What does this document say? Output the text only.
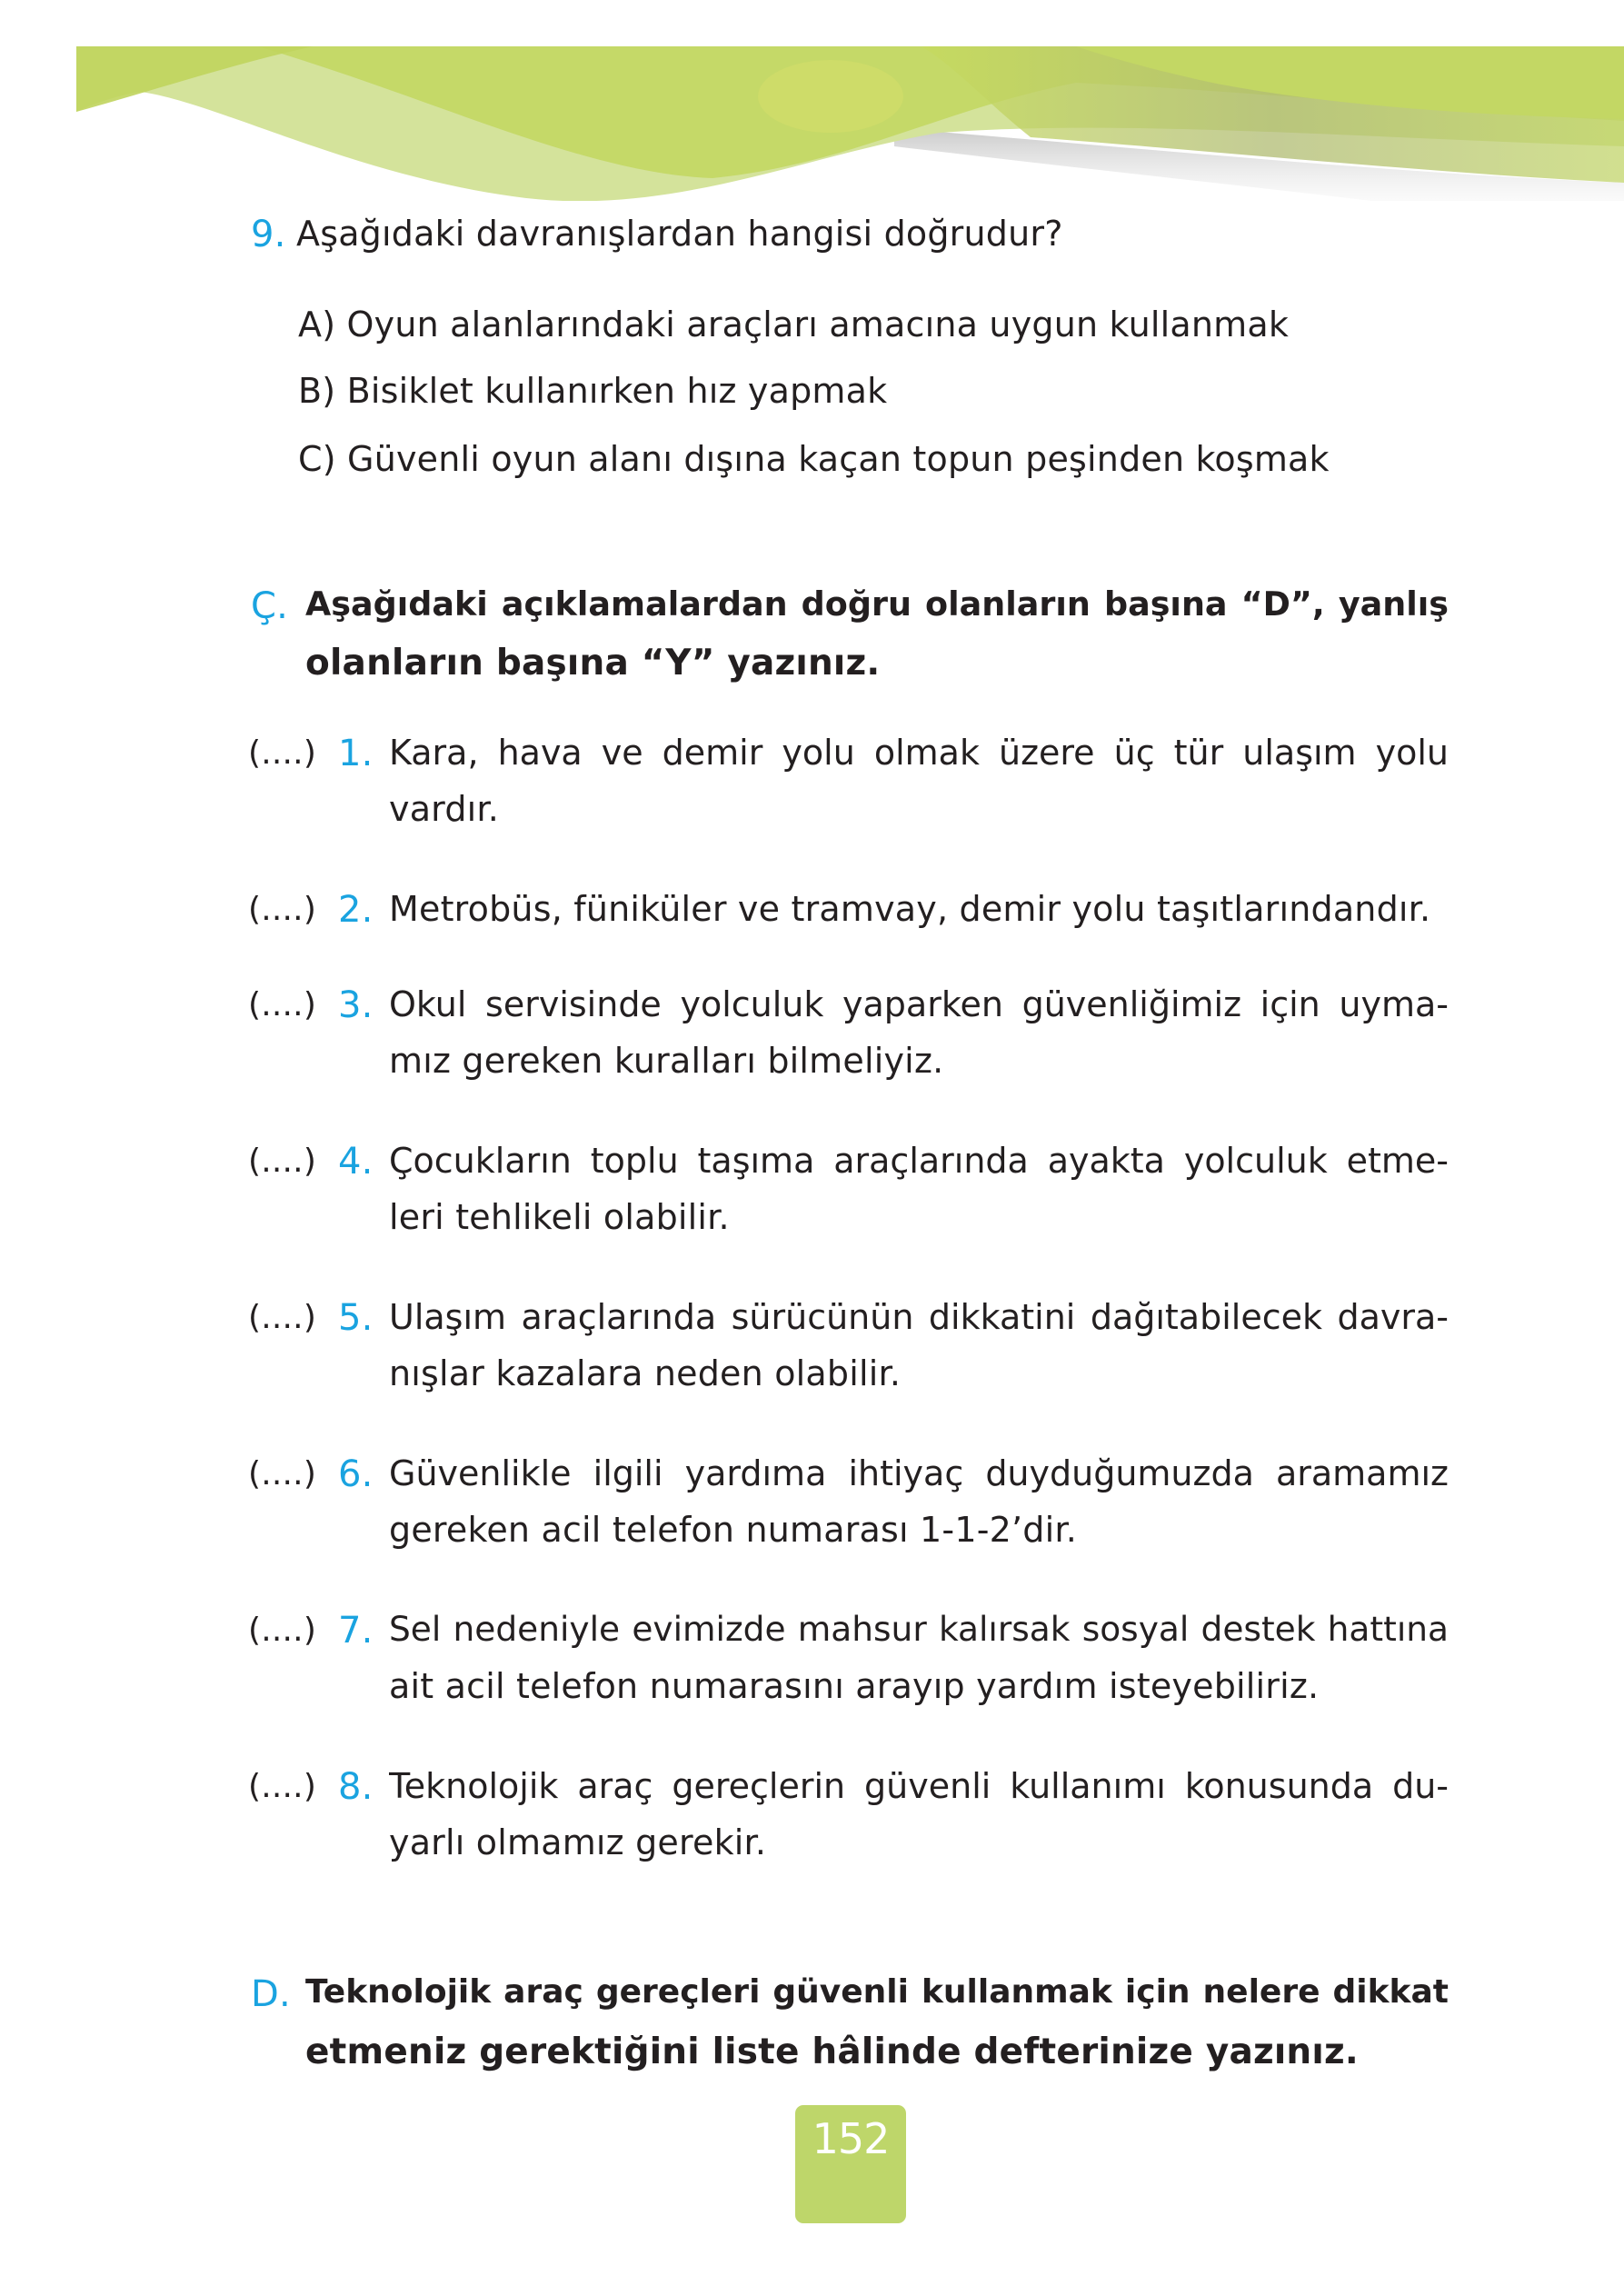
9. Aşağıdaki davranışlardan hangisi doğrudur?
A) Oyun alanlarındaki araçları amacına uygun kullanmak
B) Bisiklet kullanırken hız yapmak
C) Güvenli oyun alanı dışına kaçan topun peşinden koşmak
Ç. Aşağıdaki açıklamalardan doğru olanların başına “D”, yanlış
olanların başına “Y” yazınız.
(....) 1. Kara, hava ve demir yolu olmak üzere üç tür ulaşım yolu
vardır.
(....) 2. Metrobüs, füniküler ve tramvay, demir yolu taşıtlarındandır.
(....) 3. Okul servisinde yolculuk yaparken güvenliğimiz için uyma-
mız gereken kuralları bilmeliyiz.
(....) 4. Çocukların toplu taşıma araçlarında ayakta yolculuk etme-
leri tehlikeli olabilir.
(....) 5. Ulaşım araçlarında sürücünün dikkatini dağıtabilecek davra-
nışlar kazalara neden olabilir.
(....) 6. Güvenlikle ilgili yardıma ihtiyaç duyduğumuzda aramamız
gereken acil telefon numarası 1-1-2’dir.
(....) 7. Sel nedeniyle evimizde mahsur kalırsak sosyal destek hattına
ait acil telefon numarasını arayıp yardım isteyebiliriz.
(....) 8. Teknolojik araç gereçlerin güvenli kullanımı konusunda du-
yarlı olmamız gerekir.
D. Teknolojik araç gereçleri güvenli kullanmak için nelere dikkat
etmeniz gerektiğini liste hâlinde defterinize yazınız.
152
